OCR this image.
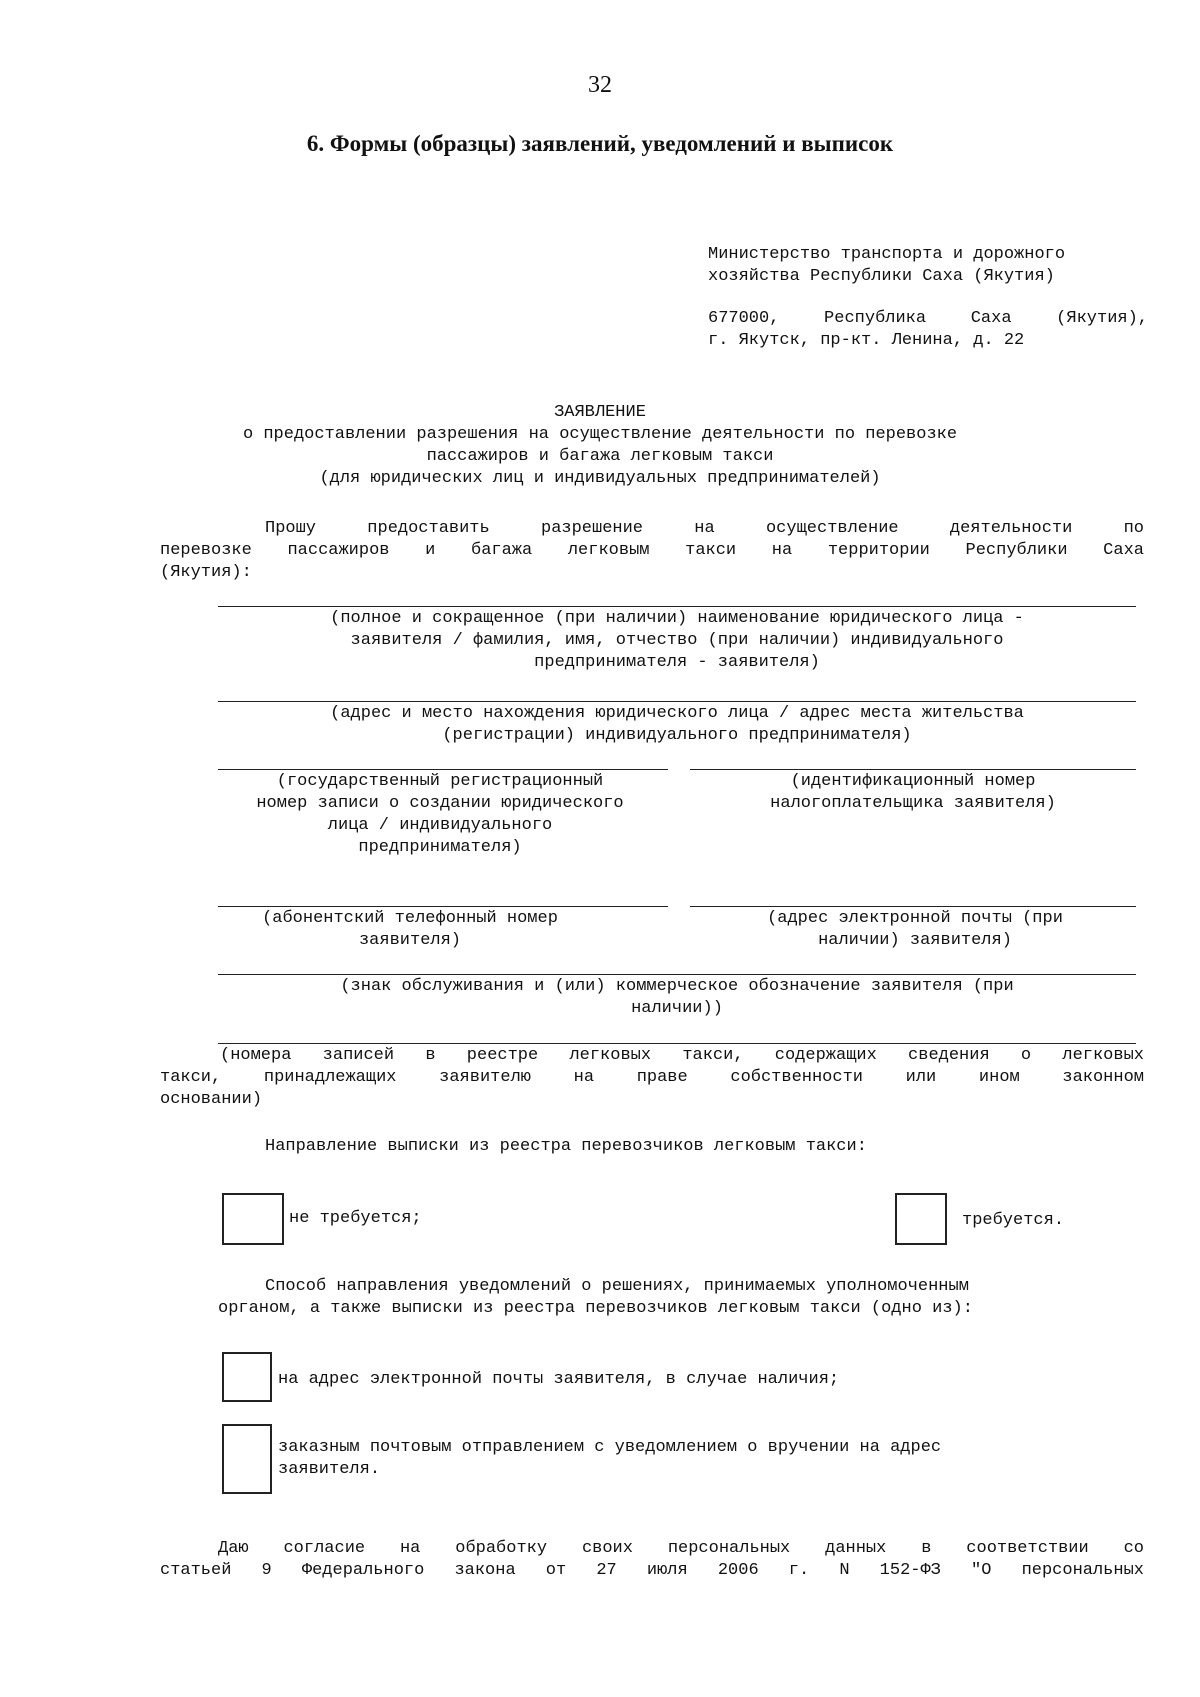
32
6. Формы (образцы) заявлений, уведомлений и выписок
Министерство транспорта и дорожного
хозяйства Республики Саха (Якутия)
677000, Республика Саха (Якутия),
г. Якутск, пр-кт. Ленина, д. 22
ЗАЯВЛЕНИЕ
о предоставлении разрешения на осуществление деятельности по перевозке
пассажиров и багажа легковым такси
(для юридических лиц и индивидуальных предпринимателей)
Прошу предоставить разрешение на осуществление деятельности по
перевозке пассажиров и багажа легковым такси на территории Республики Саха
(Якутия):
(полное и сокращенное (при наличии) наименование юридического лица -
заявителя / фамилия, имя, отчество (при наличии) индивидуального
предпринимателя - заявителя)
(адрес и место нахождения юридического лица / адрес места жительства
(регистрации) индивидуального предпринимателя)
(государственный регистрационный
номер записи о создании юридического
лица / индивидуального
предпринимателя)
(идентификационный номер
налогоплательщика заявителя)
(абонентский телефонный номер
заявителя)
(адрес электронной почты (при
наличии) заявителя)
(знак обслуживания и (или) коммерческое обозначение заявителя (при
наличии))
(номера записей в реестре легковых такси, содержащих сведения о легковых
такси, принадлежащих заявителю на праве собственности или ином законном
основании)
Направление выписки из реестра перевозчиков легковым такси:
не требуется;	требуется.
Способ направления уведомлений о решениях, принимаемых уполномоченным
органом, а также выписки из реестра перевозчиков легковым такси (одно из):
на адрес электронной почты заявителя, в случае наличия;
заказным почтовым отправлением с уведомлением о вручении на адрес
заявителя.
Даю согласие на обработку своих персональных данных в соответствии со
статьей 9 Федерального закона от 27 июля 2006 г. N 152-ФЗ "О персональных
